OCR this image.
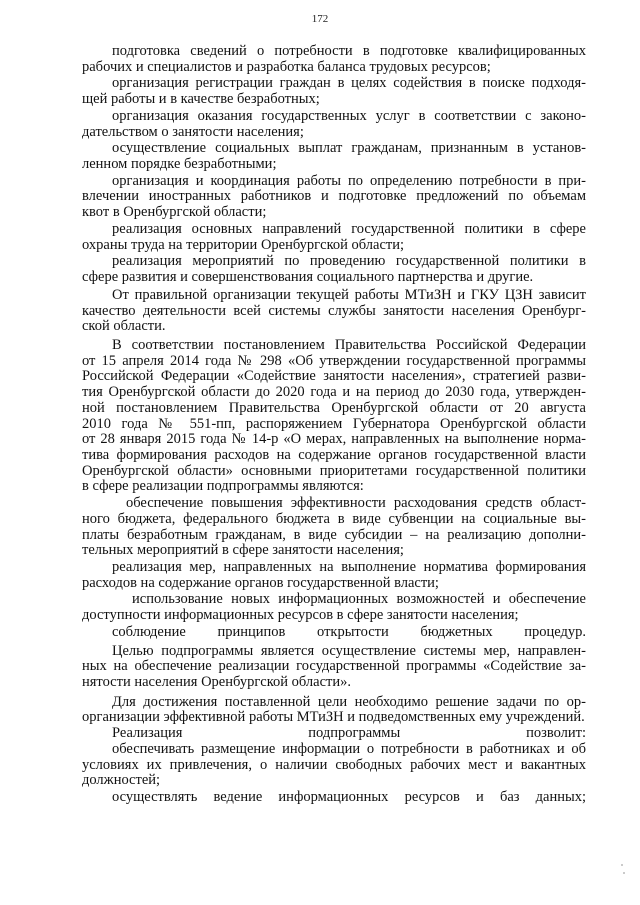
172
подготовка сведений о потребности в подготовке квалифицированных
рабочих и специалистов и разработка баланса трудовых ресурсов;
организация регистрации граждан в целях содействия в поиске подходя-
щей работы и в качестве безработных;
организация оказания государственных услуг в соответствии с законо-
дательством о занятости населения;
осуществление социальных выплат гражданам, признанным в установ-
ленном порядке безработными;
организация и координация работы по определению потребности в при-
влечении иностранных работников и подготовке предложений по объемам
квот в Оренбургской области;
реализация основных направлений государственной политики в сфере
охраны труда на территории Оренбургской области;
реализация мероприятий по проведению государственной политики в
сфере развития и совершенствования социального партнерства и другие.
От правильной организации текущей работы МТиЗН и ГКУ ЦЗН зависит
качество деятельности всей системы службы занятости населения Оренбург-
ской области.
В соответствии постановлением Правительства Российской Федерации
от 15 апреля 2014 года № 298 «Об утверждении государственной программы
Российской Федерации «Содействие занятости населения», стратегией разви-
тия Оренбургской области до 2020 года и на период до 2030 года, утвержден-
ной постановлением Правительства Оренбургской области от 20 августа
2010 года № 551-пп, распоряжением Губернатора Оренбургской области
от 28 января 2015 года № 14-р «О мерах, направленных на выполнение норма-
тива формирования расходов на содержание органов государственной власти
Оренбургской области» основными приоритетами государственной политики
в сфере реализации подпрограммы являются:
обеспечение повышения эффективности расходования средств област-
ного бюджета, федерального бюджета в виде субвенции на социальные вы-
платы безработным гражданам, в виде субсидии – на реализацию дополни-
тельных мероприятий в сфере занятости населения;
реализация мер, направленных на выполнение норматива формирования
расходов на содержание органов государственной власти;
использование новых информационных возможностей и обеспечение
доступности информационных ресурсов в сфере занятости населения;
соблюдение принципов открытости бюджетных процедур.
Целью подпрограммы является осуществление системы мер, направлен-
ных на обеспечение реализации государственной программы «Содействие за-
нятости населения Оренбургской области».
Для достижения поставленной цели необходимо решение задачи по ор-
организации эффективной работы МТиЗН и подведомственных ему учреждений.
Реализация подпрограммы позволит:
обеспечивать размещение информации о потребности в работниках и об
условиях их привлечения, о наличии свободных рабочих мест и вакантных
должностей;
осуществлять ведение информационных ресурсов и баз данных;
